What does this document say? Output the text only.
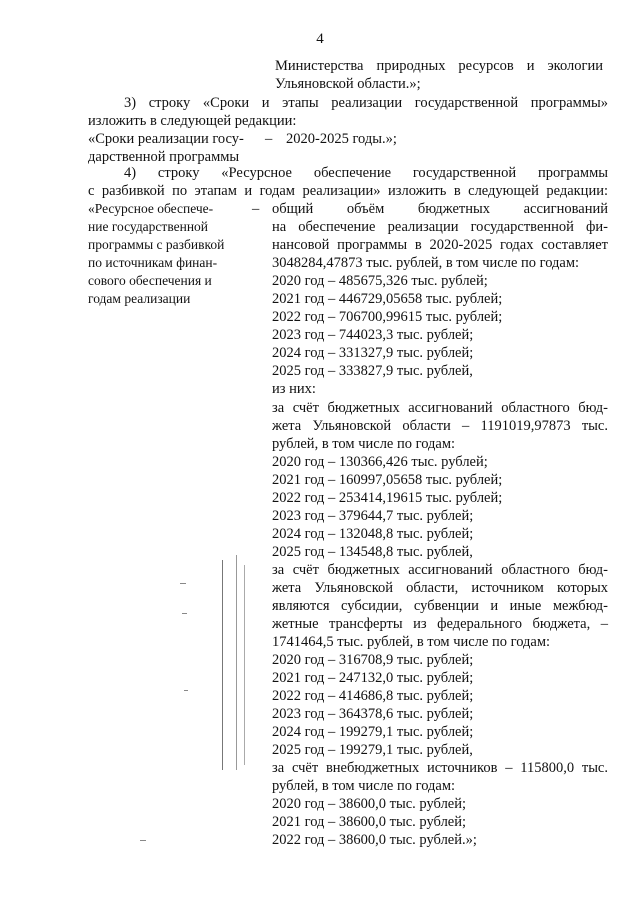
4
Министерства природных ресурсов и экологии
Ульяновской области.»;
3) строку «Сроки и этапы реализации государственной программы»
изложить в следующей редакции:
«Сроки реализации госу- – 2020-2025 годы.»;
дарственной программы
4) строку «Ресурсное обеспечение государственной программы
с разбивкой по этапам и годам реализации» изложить в следующей редакции:
«Ресурсное обеспече-
ние государственной
программы с разбивкой
по источникам финан-
сового обеспечения и
годам реализации
– общий объём бюджетных ассигнований
на обеспечение реализации государственной фи-
нансовой программы в 2020-2025 годах составляет
3048284,47873 тыс. рублей, в том числе по годам:
2020 год – 485675,326 тыс. рублей;
2021 год – 446729,05658 тыс. рублей;
2022 год – 706700,99615 тыс. рублей;
2023 год – 744023,3 тыс. рублей;
2024 год – 331327,9 тыс. рублей;
2025 год – 333827,9 тыс. рублей,
из них:
за счёт бюджетных ассигнований областного бюд-
жета Ульяновской области – 1191019,97873 тыс.
рублей, в том числе по годам:
2020 год – 130366,426 тыс. рублей;
2021 год – 160997,05658 тыс. рублей;
2022 год – 253414,19615 тыс. рублей;
2023 год – 379644,7 тыс. рублей;
2024 год – 132048,8 тыс. рублей;
2025 год – 134548,8 тыс. рублей,
за счёт бюджетных ассигнований областного бюд-
жета Ульяновской области, источником которых
являются субсидии, субвенции и иные межбюд-
жетные трансферты из федерального бюджета, –
1741464,5 тыс. рублей, в том числе по годам:
2020 год – 316708,9 тыс. рублей;
2021 год – 247132,0 тыс. рублей;
2022 год – 414686,8 тыс. рублей;
2023 год – 364378,6 тыс. рублей;
2024 год – 199279,1 тыс. рублей;
2025 год – 199279,1 тыс. рублей,
за счёт внебюджетных источников – 115800,0 тыс.
рублей, в том числе по годам:
2020 год – 38600,0 тыс. рублей;
2021 год – 38600,0 тыс. рублей;
2022 год – 38600,0 тыс. рублей.»;
